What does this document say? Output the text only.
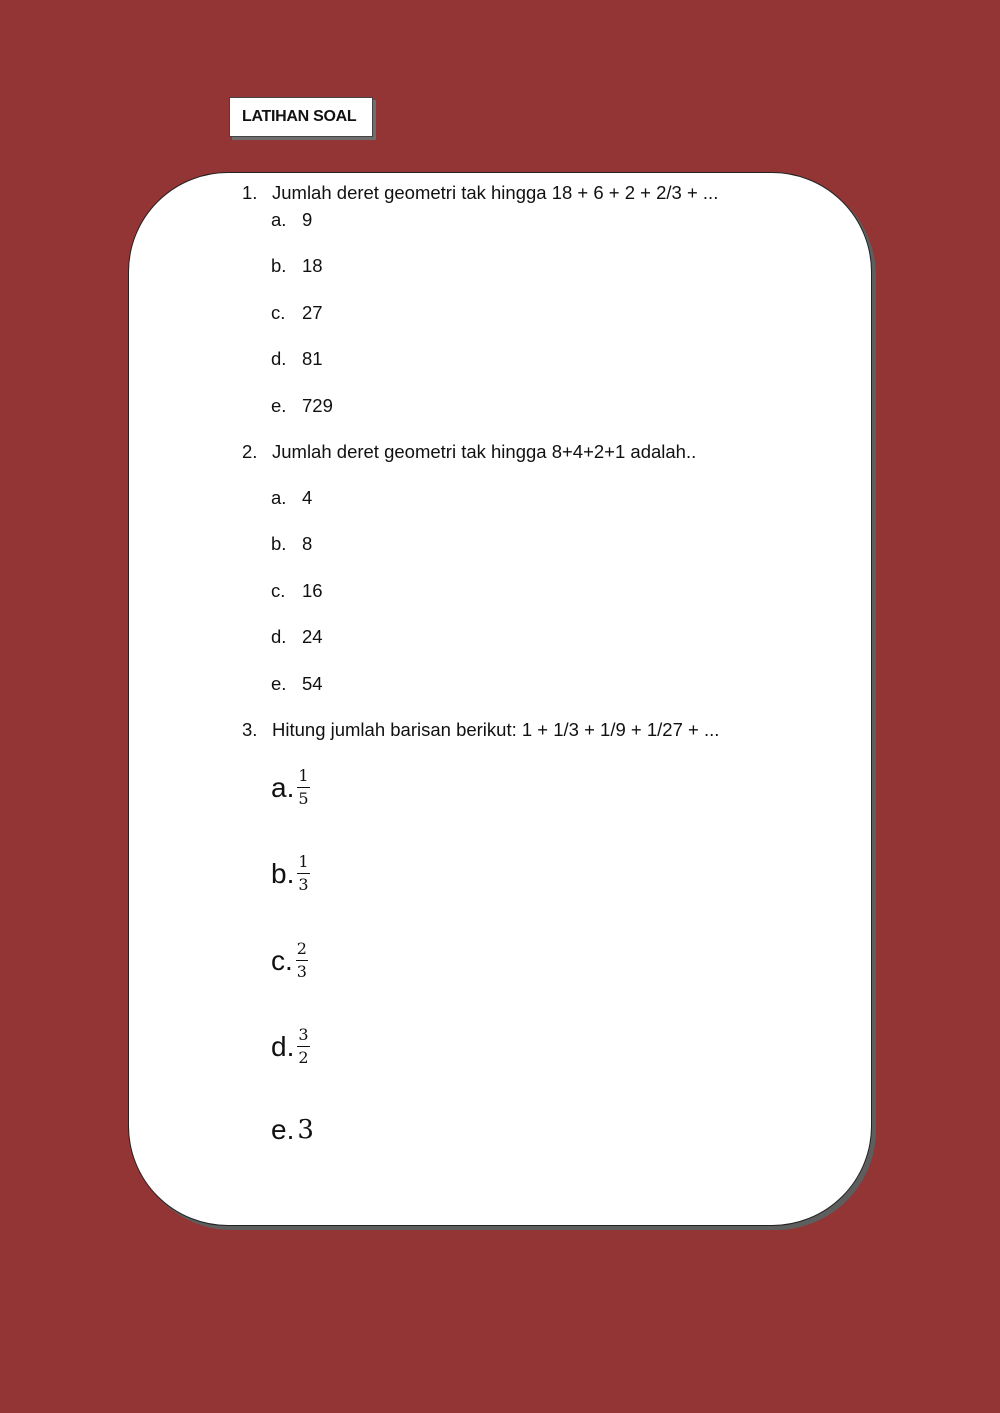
LATIHAN SOAL
1. Jumlah deret geometri tak hingga 18 + 6 + 2 + 2/3 + ...
a. 9
b. 18
c. 27
d. 81
e. 729
2. Jumlah deret geometri tak hingga 8+4+2+1 adalah..
a. 4
b. 8
c. 16
d. 24
e. 54
3. Hitung jumlah barisan berikut: 1 + 1/3 + 1/9 + 1/27 + ...
a. $\frac{1}{5}$
b. $\frac{1}{3}$
c. $\frac{2}{3}$
d. $\frac{3}{2}$
e. 3
